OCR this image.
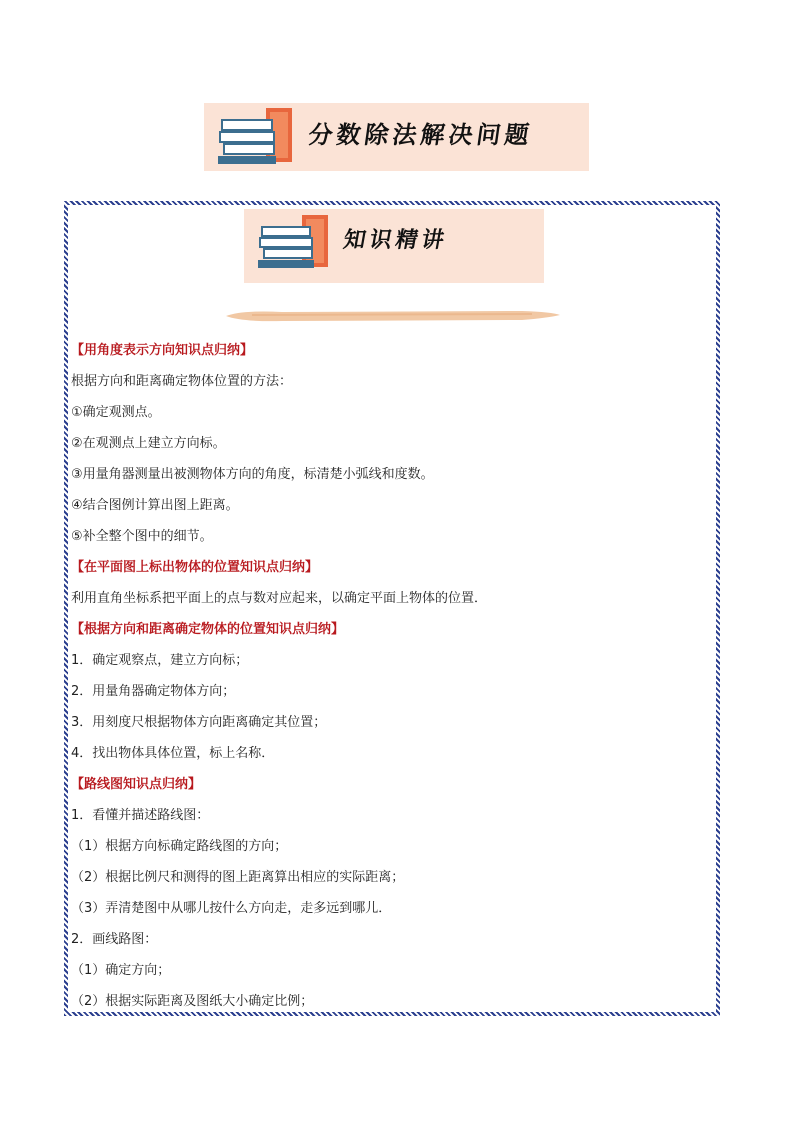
分数除法解决问题
知识精讲
【用角度表示方向知识点归纳】
根据方向和距离确定物体位置的方法：
①确定观测点。
②在观测点上建立方向标。
③用量角器测量出被测物体方向的角度，标清楚小弧线和度数。
④结合图例计算出图上距离。
⑤补全整个图中的细节。
【在平面图上标出物体的位置知识点归纳】
利用直角坐标系把平面上的点与数对应起来，以确定平面上物体的位置．
【根据方向和距离确定物体的位置知识点归纳】
1．确定观察点，建立方向标；
2．用量角器确定物体方向；
3．用刻度尺根据物体方向距离确定其位置；
4．找出物体具体位置，标上名称．
【路线图知识点归纳】
1．看懂并描述路线图：
（1）根据方向标确定路线图的方向；
（2）根据比例尺和测得的图上距离算出相应的实际距离；
（3）弄清楚图中从哪儿按什么方向走，走多远到哪儿．
2．画线路图：
（1）确定方向；
（2）根据实际距离及图纸大小确定比例；
